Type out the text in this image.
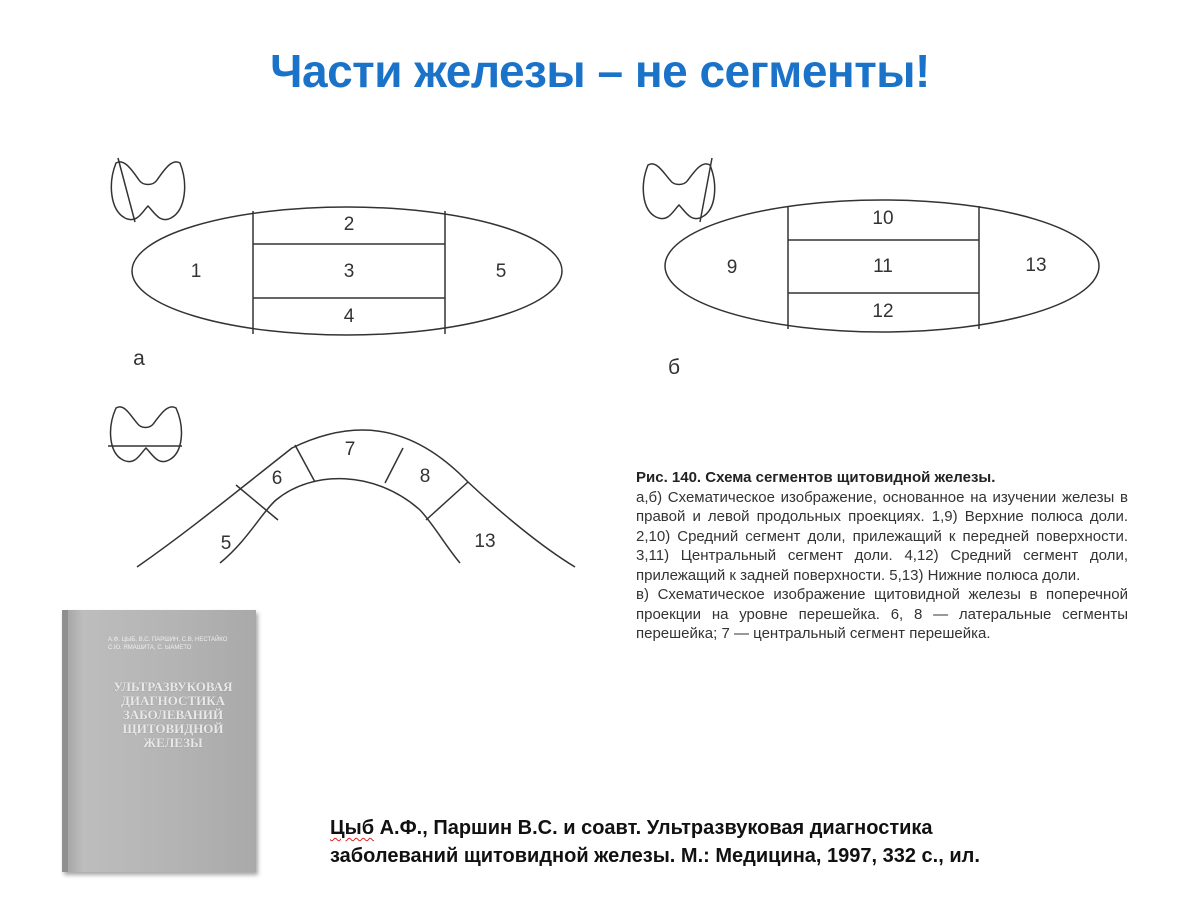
Части железы – не сегменты!
1
2
3
4
5
а
9
10
11
12
13
б
5
6
7
8
13

Рис. 140. Схема сегментов щитовидной железы.

а,б) Схематическое изображение, основанное на изучении железы в правой и левой продольных проекциях. 1,9) Верхние полюса доли. 2,10) Средний сегмент доли, прилежащий к передней поверхности. 3,11) Центральный сегмент доли. 4,12) Средний сегмент доли, прилежащий к задней поверхности. 5,13) Нижние полюса доли.

в) Схематическое изображение щитовидной железы в поперечной проекции на уровне перешейка. 6, 8 — латеральные сегменты перешейка; 7 — центральный сегмент перешейка.

А.Ф. ЦЫБ, В.С. ПАРШИН, С.В. НЕСТАЙКО
С.Ю. ЯМАШИТА, С. ЫАМЕТО
УЛЬТРАЗВУКОВАЯ ДИАГНОСТИКА ЗАБОЛЕВАНИЙ ЩИТОВИДНОЙ ЖЕЛЕЗЫ
Цыб А.Ф., Паршин В.С. и соавт. Ультразвуковая диагностика
заболеваний щитовидной железы. М.: Медицина, 1997, 332 с., ил.
